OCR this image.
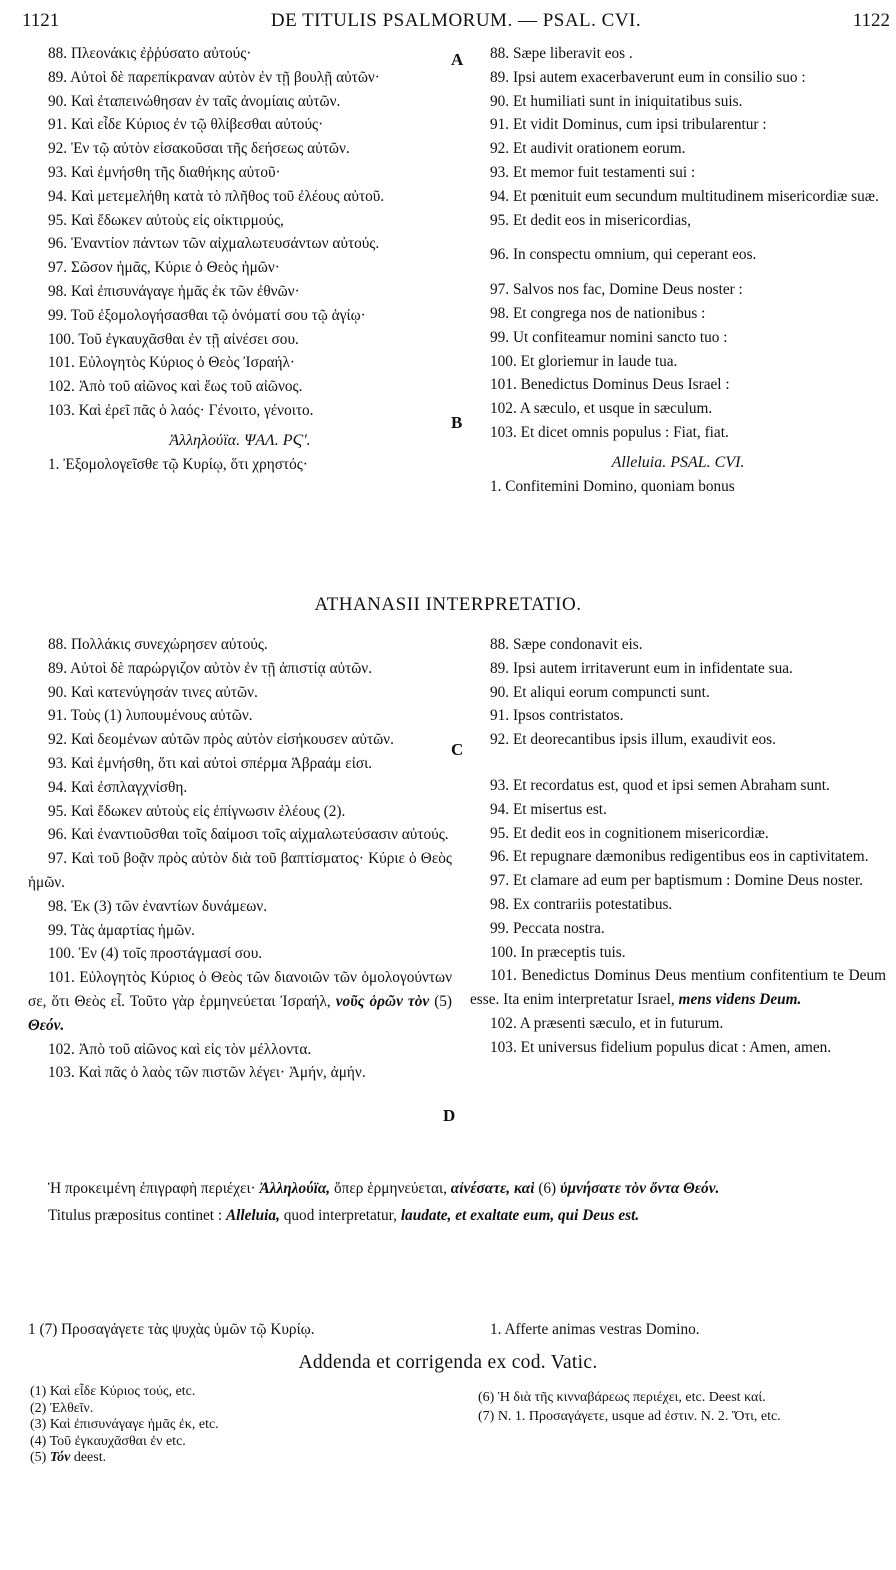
1121	DE TITULIS PSALMORUM. — PSAL. CVI.	1122

88. Πλεονάκις ἐῤῥύσατο αὐτούς·

89. Αὐτοὶ δὲ παρεπίκραναν αὐτὸν ἐν τῇ βουλῇ αὐτῶν·

90. Καὶ ἐταπεινώθησαν ἐν ταῖς ἀνομίαις αὐτῶν.

91. Καὶ εἶδε Κύριος ἐν τῷ θλίβεσθαι αὐτούς·

92. Ἐν τῷ αὐτὸν εἰσακοῦσαι τῆς δεήσεως αὐτῶν.

93. Καὶ ἐμνήσθη τῆς διαθήκης αὐτοῦ·

94. Καὶ μετεμελήθη κατὰ τὸ πλῆθος τοῦ ἐλέους αὐτοῦ.

95. Καὶ ἔδωκεν αὐτοὺς εἰς οἰκτιρμούς,

96. Ἐναντίον πάντων τῶν αἰχμαλωτευσάντων αὐτούς.

97. Σῶσον ἡμᾶς, Κύριε ὁ Θεὸς ἡμῶν·

98. Καὶ ἐπισυνάγαγε ἡμᾶς ἐκ τῶν ἐθνῶν·

99. Τοῦ ἐξομολογήσασθαι τῷ ὀνόματί σου τῷ ἁγίῳ·

100. Τοῦ ἐγκαυχᾶσθαι ἐν τῇ αἰνέσει σου.

101. Εὐλογητὸς Κύριος ὁ Θεὸς Ἰσραήλ·

102. Ἀπὸ τοῦ αἰῶνος καὶ ἕως τοῦ αἰῶνος.

103. Καὶ ἐρεῖ πᾶς ὁ λαός· Γένοιτο, γένοιτο.

Ἀλληλούϊα. ΨΑΛ. ΡϚ'.

1. Ἐξομολογεῖσθε τῷ Κυρίῳ, ὅτι χρηστός·

A
B

88. Sæpe liberavit eos .

89. Ipsi autem exacerbaverunt eum in consilio suo :

90. Et humiliati sunt in iniquitatibus suis.

91. Et vidit Dominus, cum ipsi tribularentur :

92. Et audivit orationem eorum.

93. Et memor fuit testamenti sui :

94. Et pœnituit eum secundum multitudinem misericordiæ suæ.

95. Et dedit eos in misericordias,

96. In conspectu omnium, qui ceperant eos.

97. Salvos nos fac, Domine Deus noster :

98. Et congrega nos de nationibus :

99. Ut confiteamur nomini sancto tuo :

100. Et gloriemur in laude tua.

101. Benedictus Dominus Deus Israel :

102. A sæculo, et usque in sæculum.

103. Et dicet omnis populus : Fiat, fiat.

Alleluia. PSAL. CVI.

1. Confitemini Domino, quoniam bonus

ATHANASII INTERPRETATIO.

88. Πολλάκις συνεχώρησεν αὐτούς.

89. Αὐτοὶ δὲ παρώργιζον αὐτὸν ἐν τῇ ἀπιστίᾳ αὐτῶν.

90. Καὶ κατενύγησάν τινες αὐτῶν.

91. Τοὺς (1) λυπουμένους αὐτῶν.

92. Καὶ δεομένων αὐτῶν πρὸς αὐτὸν εἰσήκουσεν αὐτῶν.

93. Καὶ ἐμνήσθη, ὅτι καὶ αὐτοὶ σπέρμα Ἀβραάμ εἰσι.

94. Καὶ ἐσπλαγχνίσθη.

95. Καὶ ἔδωκεν αὐτοὺς εἰς ἐπίγνωσιν ἐλέους (2).

96. Καὶ ἐναντιοῦσθαι τοῖς δαίμοσι τοῖς αἰχμαλωτεύσασιν αὐτούς.

97. Καὶ τοῦ βοᾷν πρὸς αὐτὸν διὰ τοῦ βαπτίσματος· Κύριε ὁ Θεὸς ἡμῶν.

98. Ἐκ (3) τῶν ἐναντίων δυνάμεων.

99. Τὰς ἁμαρτίας ἡμῶν.

100. Ἐν (4) τοῖς προστάγμασί σου.

101. Εὐλογητὸς Κύριος ὁ Θεὸς τῶν διανοιῶν τῶν ὁμολογούντων σε, ὅτι Θεὸς εἶ. Τοῦτο γὰρ ἑρμηνεύεται Ἰσραήλ, νοῦς ὁρῶν τὸν (5) Θεόν.

102. Ἀπὸ τοῦ αἰῶνος καὶ εἰς τὸν μέλλοντα.

103. Καὶ πᾶς ὁ λαὸς τῶν πιστῶν λέγει· Ἀμήν, ἀμήν.

C
D

88. Sæpe condonavit eis.

89. Ipsi autem irritaverunt eum in infidentate sua.

90. Et aliqui eorum compuncti sunt.

91. Ipsos contristatos.

92. Et deorecantibus ipsis illum, exaudivit eos.

93. Et recordatus est, quod et ipsi semen Abraham sunt.

94. Et misertus est.

95. Et dedit eos in cognitionem misericordiæ.

96. Et repugnare dæmonibus redigentibus eos in captivitatem.

97. Et clamare ad eum per baptismum : Domine Deus noster.

98. Ex contrariis potestatibus.

99. Peccata nostra.

100. In præceptis tuis.

101. Benedictus Dominus Deus mentium confitentium te Deum esse. Ita enim interpretatur Israel, mens videns Deum.

102. A præsenti sæculo, et in futurum.

103. Et universus fidelium populus dicat : Amen, amen.

Ἡ προκειμένη ἐπιγραφὴ περιέχει· Ἀλληλούϊα, ὅπερ ἑρμηνεύεται, αἰνέσατε, καὶ (6) ὑμνήσατε τὸν ὄντα Θεόν.

Titulus præpositus continet : Alleluia, quod interpretatur, laudate, et exaltate eum, qui Deus est.

1 (7) Προσαγάγετε τὰς ψυχὰς ὑμῶν τῷ Κυρίῳ.	1. Afferte animas vestras Domino.

Addenda et corrigenda ex cod. Vatic.

(1) Καὶ εἶδε Κύριος τούς, etc.

(2) Ἐλθεῖν.

(3) Καὶ ἐπισυνάγαγε ἡμᾶς ἐκ, etc.

(4) Τοῦ ἐγκαυχᾶσθαι ἐν etc.

(5) Τόν deest.

(6) Ἡ διὰ τῆς κινναβάρεως περιέχει, etc. Deest καί.

(7) N. 1. Προσαγάγετε, usque ad ἐστιν. N. 2. Ὅτι, etc.
